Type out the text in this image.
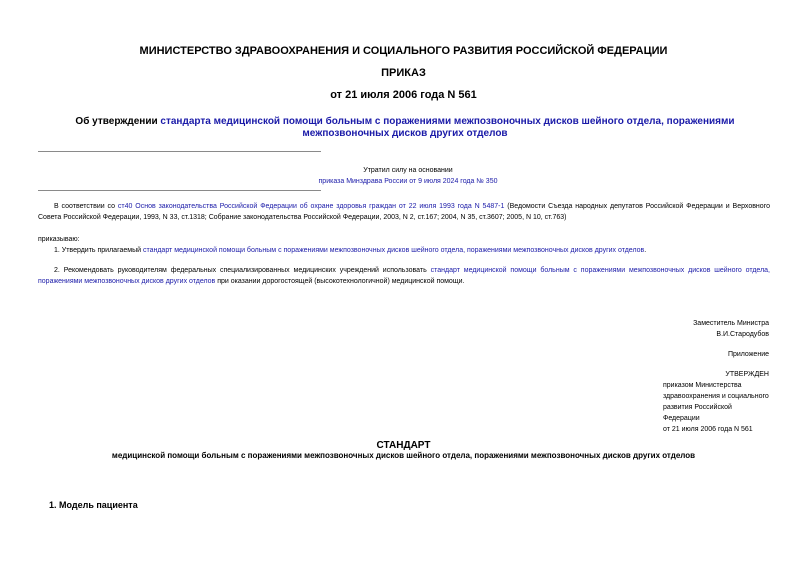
МИНИСТЕРСТВО ЗДРАВООХРАНЕНИЯ И СОЦИАЛЬНОГО РАЗВИТИЯ РОССИЙСКОЙ ФЕДЕРАЦИИ
ПРИКАЗ
от 21 июля 2006 года N 561
Об утверждении стандарта медицинской помощи больным с поражениями межпозвоночных дисков шейного отдела, поражениями межпозвоночных дисков других отделов
Утратил силу на основании
приказа Минздрава России от 9 июля 2024 года № 350
В соответствии со ст40 Основ законодательства Российской Федерации об охране здоровья граждан от 22 июля 1993 года N 5487-1 (Ведомости Съезда народных депутатов Российской Федерации и Верховного Совета Российской Федерации, 1993, N 33, ст.1318; Собрание законодательства Российской Федерации, 2003, N 2, ст.167; 2004, N 35, ст.3607; 2005, N 10, ст.763)
приказываю:
1. Утвердить прилагаемый стандарт медицинской помощи больным с поражениями межпозвоночных дисков шейного отдела, поражениями межпозвоночных дисков других отделов.
2. Рекомендовать руководителям федеральных специализированных медицинских учреждений использовать стандарт медицинской помощи больным с поражениями межпозвоночных дисков шейного отдела, поражениями межпозвоночных дисков других отделов при оказании дорогостоящей (высокотехнологичной) медицинской помощи.
Заместитель Министра
В.И.Стародубов
Приложение
УТВЕРЖДЕН
приказом Министерства
здравоохранения и социального
развития Российской Федерации
от 21 июля 2006 года N 561
СТАНДАРТ
медицинской помощи больным с поражениями межпозвоночных дисков шейного отдела, поражениями межпозвоночных дисков других отделов
1. Модель пациента
